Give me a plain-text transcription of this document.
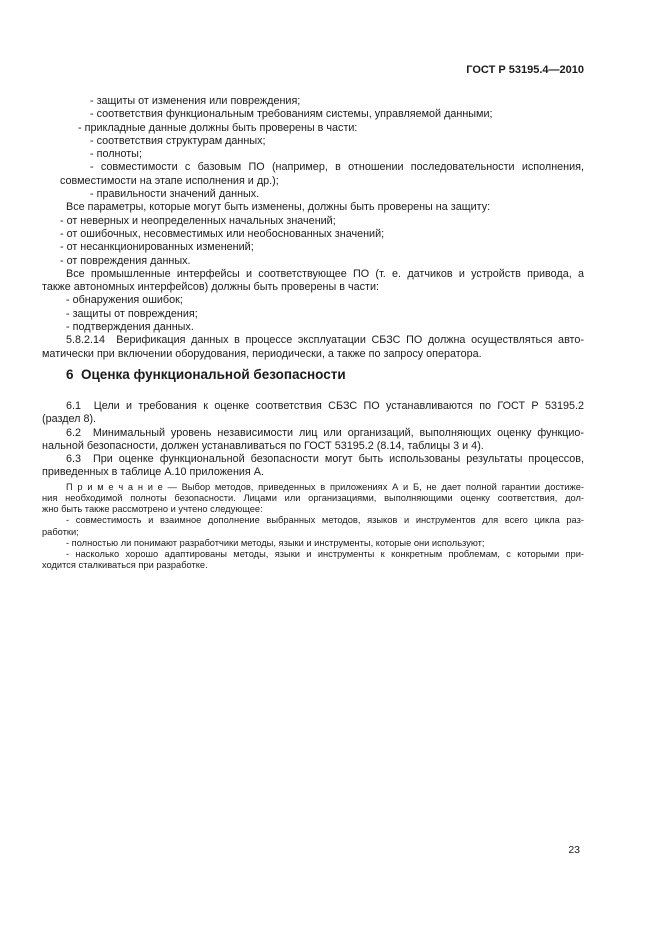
ГОСТ Р 53195.4—2010
- защиты от изменения или повреждения;
- соответствия функциональным требованиям системы, управляемой данными;
- прикладные данные должны быть проверены в части:
- соответствия структурам данных;
- полноты;
- совместимости с базовым ПО (например, в отношении последовательности исполнения,
совместимости на этапе исполнения и др.);
- правильности значений данных.
Все параметры, которые могут быть изменены, должны быть проверены на защиту:
- от неверных и неопределенных начальных значений;
- от ошибочных, несовместимых или необоснованных значений;
- от несанкционированных изменений;
- от повреждения данных.
Все промышленные интерфейсы и соответствующее ПО (т. е. датчиков и устройств привода, а
также автономных интерфейсов) должны быть проверены в части:
- обнаружения ошибок;
- защиты от повреждения;
- подтверждения данных.
5.8.2.14  Верификация данных в процессе эксплуатации СБЗС ПО должна осуществляться авто-
матически при включении оборудования, периодически, а также по запросу оператора.
6  Оценка функциональной безопасности
6.1  Цели и требования к оценке соответствия СБЗС ПО устанавливаются по ГОСТ Р 53195.2
(раздел 8).
6.2  Минимальный уровень независимости лиц или организаций, выполняющих оценку функцио-
нальной безопасности, должен устанавливаться по ГОСТ 53195.2 (8.14, таблицы 3 и 4).
6.3  При оценке функциональной безопасности могут быть использованы результаты процессов,
приведенных в таблице А.10 приложения А.
П р и м е ч а н и е — Выбор методов, приведенных в приложениях А и Б, не дает полной гарантии достиже-
ния необходимой полноты безопасности. Лицами или организациями, выполняющими оценку соответствия, дол-
жно быть также рассмотрено и учтено следующее:
- совместимость и взаимное дополнение выбранных методов, языков и инструментов для всего цикла раз-
работки;
- полностью ли понимают разработчики методы, языки и инструменты, которые они используют;
- насколько хорошо адаптированы методы, языки и инструменты к конкретным проблемам, с которыми при-
ходится сталкиваться при разработке.
23
